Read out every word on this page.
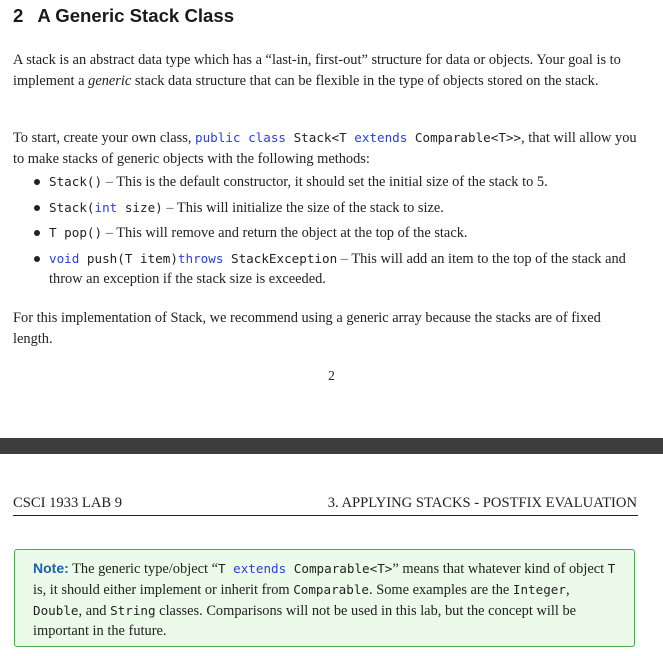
2 A Generic Stack Class

A stack is an abstract data type which has a “last-in, first-out” structure for data or objects. Your goal is to implement a generic stack data structure that can be flexible in the type of objects stored on the stack.

To start, create your own class, public class Stack<T extends Comparable<T>>, that will allow you to make stacks of generic objects with the following methods:

Stack() – This is the default constructor, it should set the initial size of the stack to 5.
Stack(int size) – This will initialize the size of the stack to size.
T pop() – This will remove and return the object at the top of the stack.
void push(T item)throws StackException – This will add an item to the top of the stack and throw an exception if the stack size is exceeded.

For this implementation of Stack, we recommend using a generic array because the stacks are of fixed length.

2
CSCI 1933 LAB 9	3. APPLYING STACKS - POSTFIX EVALUATION

Note: The generic type/object “T extends Comparable<T>” means that whatever kind of object T is, it should either implement or inherit from Comparable. Some examples are the Integer, Double, and String classes. Comparisons will not be used in this lab, but the concept will be important in the future.
